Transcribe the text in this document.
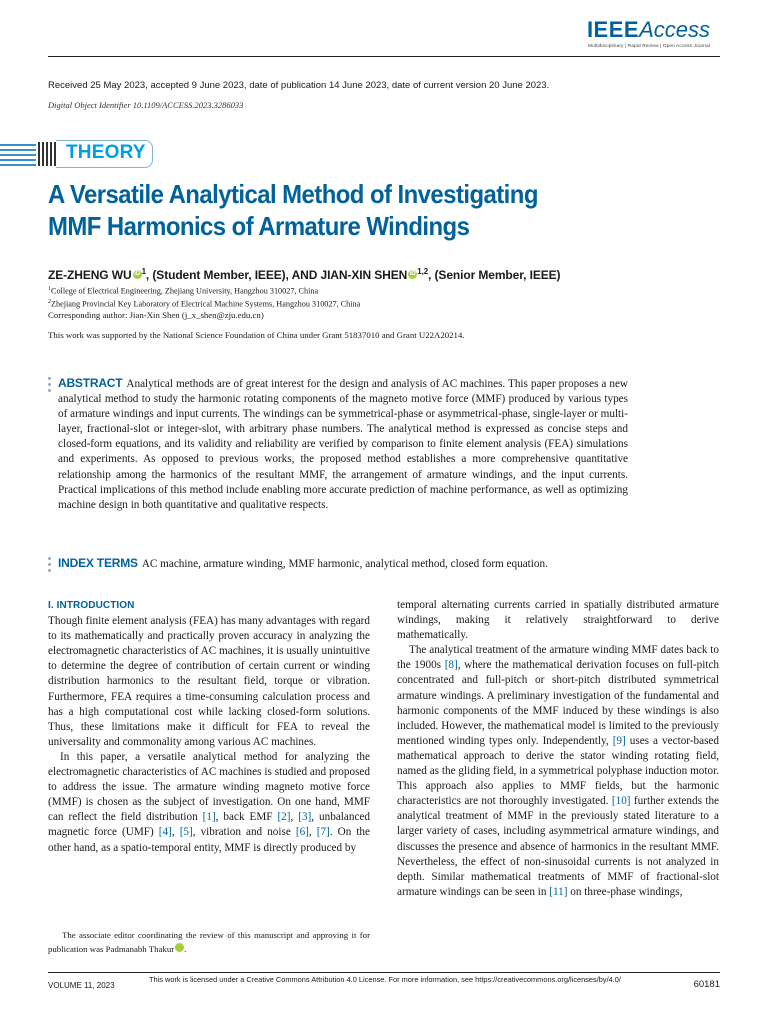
IEEEAccess
Multidisciplinary | Rapid Review | Open Access Journal
Received 25 May 2023, accepted 9 June 2023, date of publication 14 June 2023, date of current version 20 June 2023.
Digital Object Identifier 10.1109/ACCESS.2023.3286033
THEORY
A Versatile Analytical Method of Investigating
MMF Harmonics of Armature Windings
ZE-ZHENG WU iD $^1$, (Student Member, IEEE), AND JIAN-XIN SHEN iD $^{1,2}$, (Senior Member, IEEE)
$^1$College of Electrical Engineering, Zhejiang University, Hangzhou 310027, China
$^2$Zhejiang Provincial Key Laboratory of Electrical Machine Systems, Hangzhou 310027, China
Corresponding author: Jian-Xin Shen (j_x_shen@zju.edu.cn)
This work was supported by the National Science Foundation of China under Grant 51837010 and Grant U22A20214.
ABSTRACT Analytical methods are of great interest for the design and analysis of AC machines. This paper proposes a new analytical method to study the harmonic rotating components of the magneto motive force (MMF) produced by various types of armature windings and input currents. The windings can be symmetrical-phase or asymmetrical-phase, single-layer or multi-layer, fractional-slot or integer-slot, with arbitrary phase numbers. The analytical method is expressed as concise steps and closed-form equations, and its validity and reliability are verified by comparison to finite element analysis (FEA) simulations and experiments. As opposed to previous works, the proposed method establishes a more comprehensive quantitative relationship among the harmonics of the resultant MMF, the arrangement of armature windings, and the input currents. Practical implications of this method include enabling more accurate prediction of machine performance, as well as optimizing machine design in both quantitative and qualitative respects.
INDEX TERMS AC machine, armature winding, MMF harmonic, analytical method, closed form equation.
I. INTRODUCTION

Though finite element analysis (FEA) has many advantages with regard to its mathematically and practically proven accuracy in analyzing the electromagnetic characteristics of AC machines, it is usually unintuitive to determine the degree of contribution of certain current or winding distribution harmonics to the resultant field, torque or vibration. Furthermore, FEA requires a time-consuming calculation process and has a high computational cost while lacking closed-form solutions. Thus, these limitations make it difficult for FEA to reveal the universality and commonality among various AC machines.

In this paper, a versatile analytical method for analyzing the electromagnetic characteristics of AC machines is studied and proposed to address the issue. The armature winding magneto motive force (MMF) is chosen as the subject of investigation. On one hand, MMF can reflect the field distribution [1], back EMF [2], [3], unbalanced magnetic force (UMF) [4], [5], vibration and noise [6], [7]. On the other hand, as a spatio-temporal entity, MMF is directly produced by

The associate editor coordinating the review of this manuscript and approving it for publication was Padmanabh Thakur	iD.

temporal alternating currents carried in spatially distributed armature windings, making it relatively straightforward to derive mathematically.

The analytical treatment of the armature winding MMF dates back to the 1900s [8], where the mathematical derivation focuses on full-pitch concentrated and full-pitch or short-pitch distributed symmetrical armature windings. A preliminary investigation of the fundamental and harmonic components of the MMF induced by these windings is also included. However, the mathematical model is limited to the previously mentioned winding types only. Independently, [9] uses a vector-based mathematical approach to derive the stator winding rotating field, named as the gliding field, in a symmetrical polyphase induction motor. This approach also applies to MMF fields, but the harmonic characteristics are not thoroughly investigated. [10] further extends the analytical treatment of MMF in the previously stated literature to a larger variety of cases, including asymmetrical armature windings, and discusses the presence and absence of harmonics in the resultant MMF. Nevertheless, the effect of non-sinusoidal currents is not analyzed in depth. Similar mathematical treatments of MMF of fractional-slot armature windings can be seen in [11] on three-phase windings,

VOLUME 11, 2023
This work is licensed under a Creative Commons Attribution 4.0 License. For more information, see https://creativecommons.org/licenses/by/4.0/	60181
